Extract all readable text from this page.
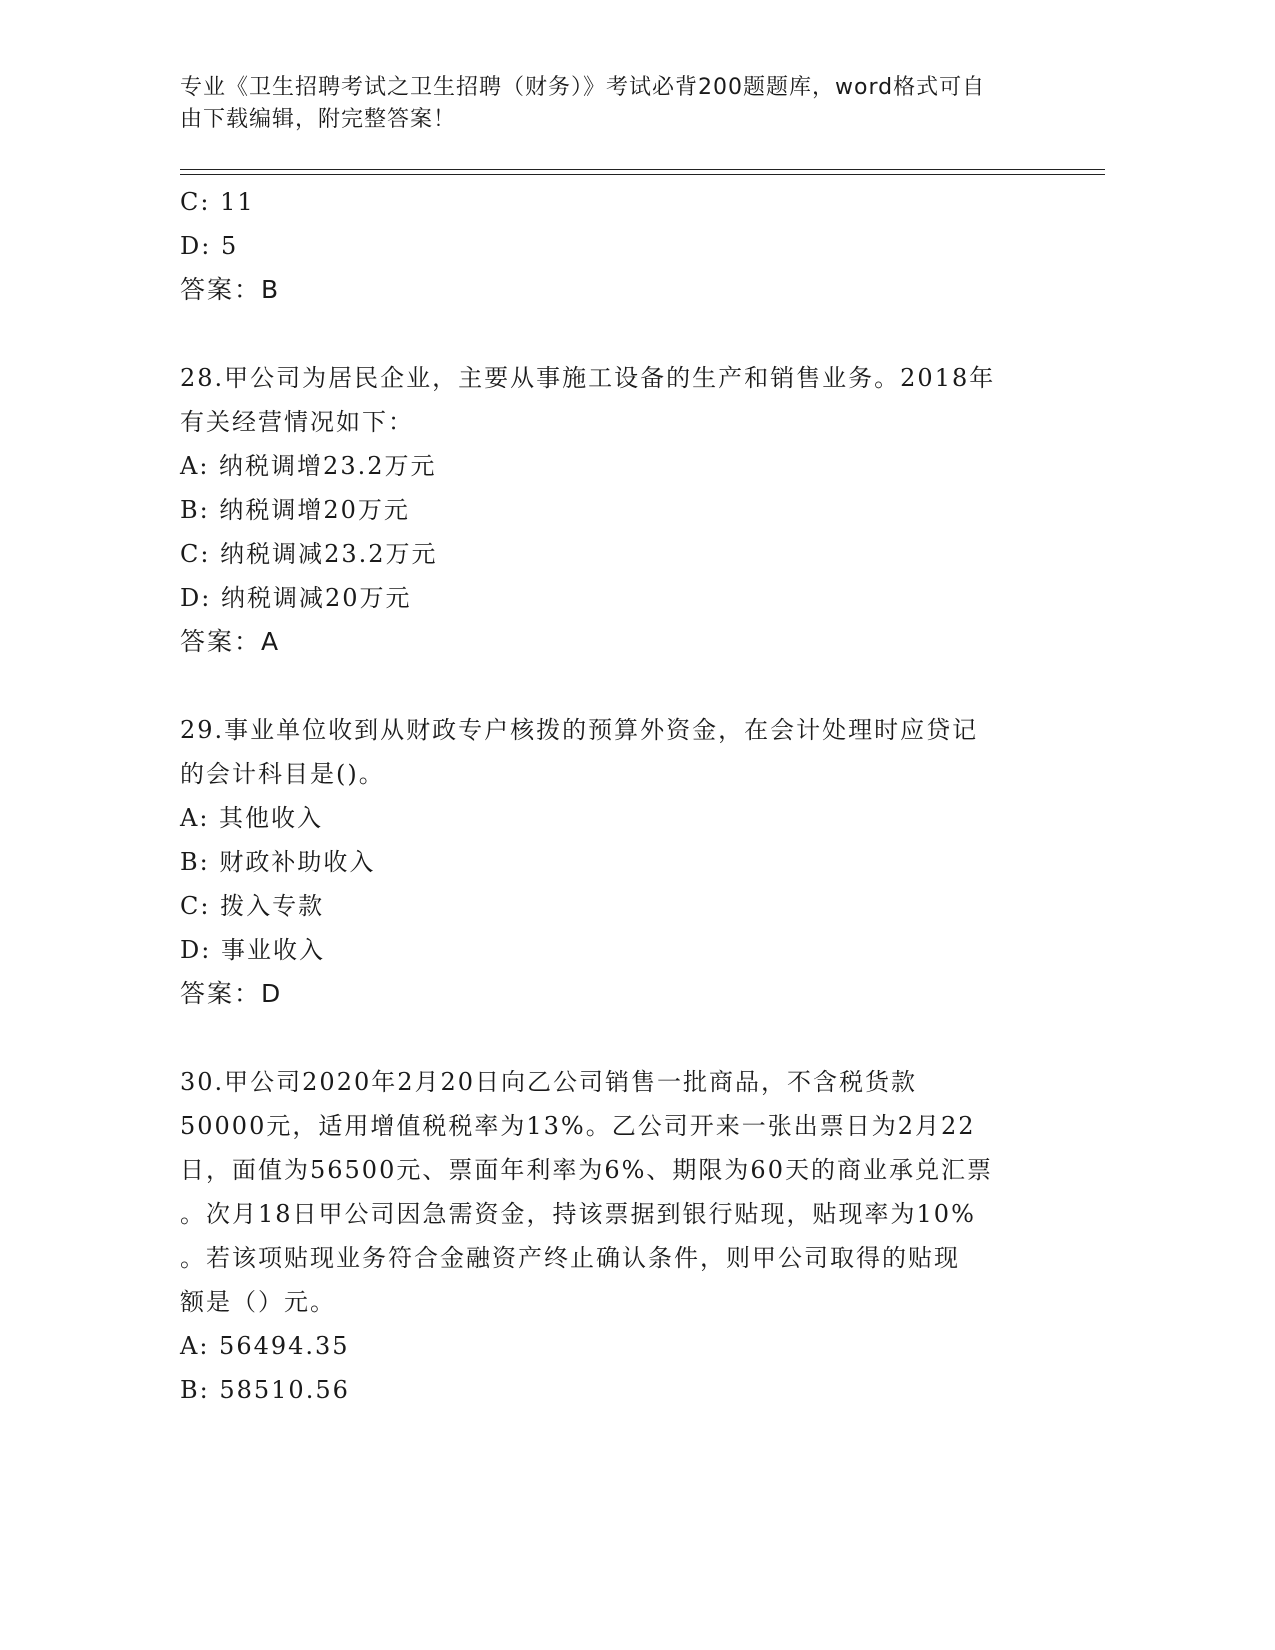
专业《卫生招聘考试之卫生招聘（财务）》考试必背200题题库，word格式可自
由下载编辑，附完整答案！
C: 11
D: 5
答案：B
28.甲公司为居民企业，主要从事施工设备的生产和销售业务。2018年
有关经营情况如下：
A: 纳税调增23.2万元
B: 纳税调增20万元
C: 纳税调减23.2万元
D: 纳税调减20万元
答案：A
29.事业单位收到从财政专户核拨的预算外资金，在会计处理时应贷记
的会计科目是()。
A: 其他收入
B: 财政补助收入
C: 拨入专款
D: 事业收入
答案：D
30.甲公司2020年2月20日向乙公司销售一批商品，不含税货款
50000元，适用增值税税率为13%。乙公司开来一张出票日为2月22
日，面值为56500元、票面年利率为6%、期限为60天的商业承兑汇票
。次月18日甲公司因急需资金，持该票据到银行贴现，贴现率为10%
。若该项贴现业务符合金融资产终止确认条件，则甲公司取得的贴现
额是（）元。
A: 56494.35
B: 58510.56
